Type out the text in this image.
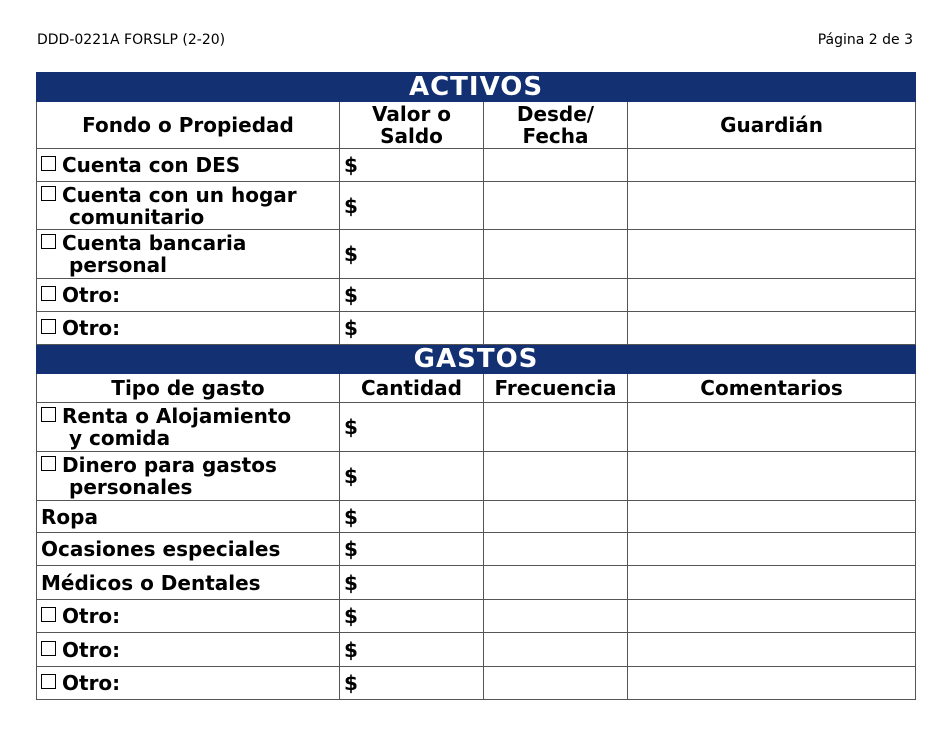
DDD-0221A FORSLP (2-20)	Página 2 de 3
ACTIVOS			
Fondo o Propiedad	Valor o Saldo	Desde/ Fecha	Guardián
Cuenta con DES	$		
Cuenta con un hogar
comunitario	$		
Cuenta bancaria
personal	$		
Otro:	$		
Otro:	$		
GASTOS			
Tipo de gasto	Cantidad	Frecuencia	Comentarios
Renta o Alojamiento
y comida	$		
Dinero para gastos
personales	$		
Ropa	$		
Ocasiones especiales	$		
Médicos o Dentales	$		
Otro:	$		
Otro:	$		
Otro:	$		
